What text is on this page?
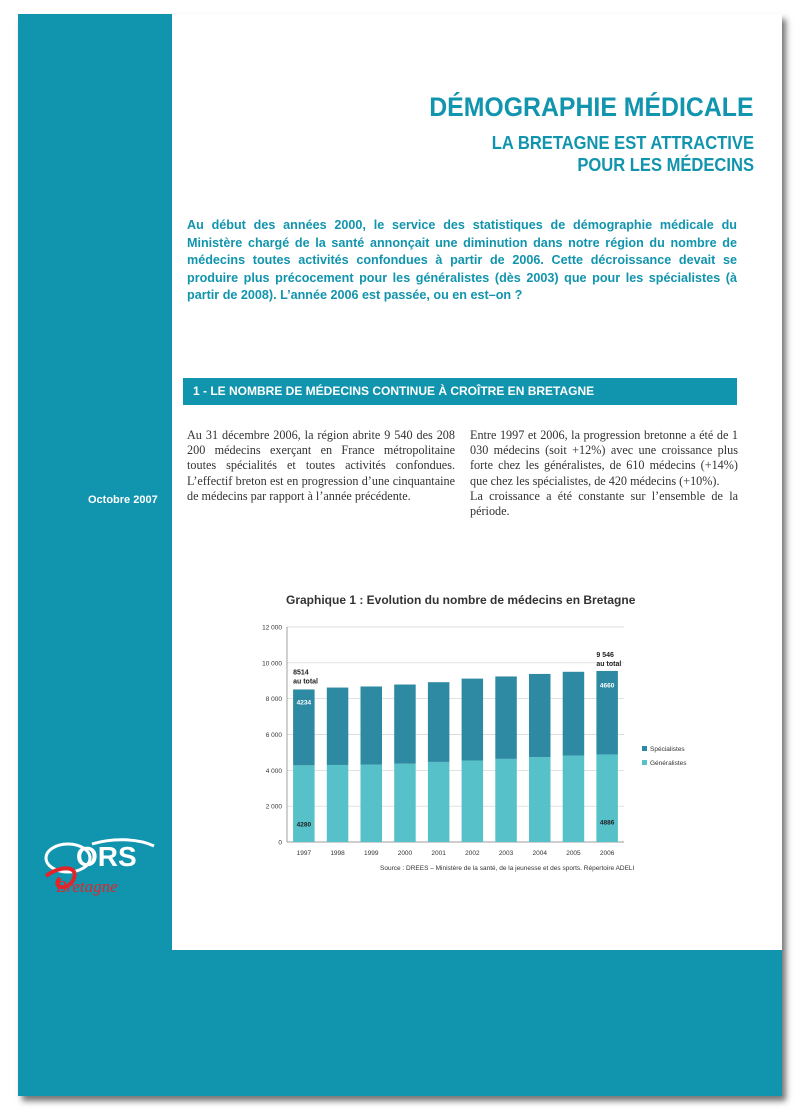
DÉMOGRAPHIE MÉDICALE
LA BRETAGNE EST ATTRACTIVE
POUR LES MÉDECINS

Au début des années 2000, le service des statistiques de démographie médicale du Ministère chargé de la santé annonçait une diminution dans notre région du nombre de médecins toutes activités confondues à partir de 2006. Cette décroissance devait se produire plus précocement pour les généralistes (dès 2003) que pour les spécialistes (à partir de 2008). L’année 2006 est passée, ou en est–on ?

1 - LE NOMBRE DE MÉDECINS CONTINUE À CROÎTRE EN BRETAGNE

Au 31 décembre 2006, la région abrite 9 540 des 208 200 médecins exerçant en France métropolitaine toutes spécialités et toutes activités confondues. L’effectif breton est en progression d’une cinquantaine de médecins par rapport à l’année précédente.

Entre 1997 et 2006, la progression bretonne a été de 1 030 médecins (soit +12%) avec une croissance plus forte chez les généralistes, de 610 médecins (+14%) que chez les spécialistes, de 420 médecins (+10%).

La croissance a été constante sur l’ensemble de la période.

Octobre 2007
Graphique 1 : Evolution du nombre de médecins en Bretagne
0
2 000
4 000
6 000
8 000
10 000
12 000
1997	1998	1999	2000	2001	2002	2003	2004	2005	2006
8514
au total
9 546
au total
4234
4280
4660
4886
Spécialistes
Généralistes
Source : DREES – Ministère de la santé, de la jeunesse et des sports. Répertoire ADELI
ORS
Bretagne
